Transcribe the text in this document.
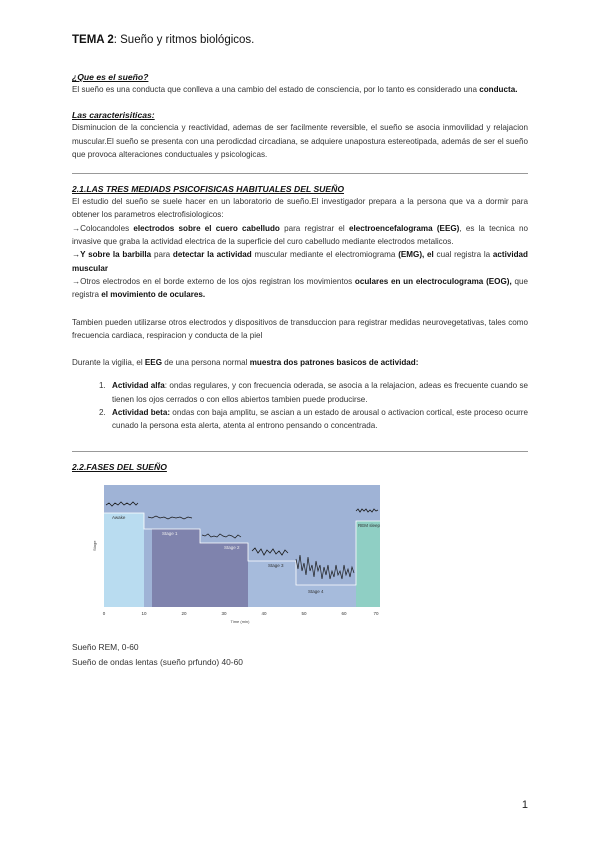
TEMA 2: Sueño y ritmos biológicos.
¿Que es el sueño?

El sueño es una conducta que conlleva a una cambio del estado de consciencia, por lo tanto es considerado una conducta.

Las caracterisiticas:

Disminucion de la conciencia y reactividad, ademas de ser facilmente reversible, el sueño se asocia inmovilidad y relajacion muscular.El sueño se presenta con una perodicdad circadiana, se adquiere unapostura estereotipada, además de ser el sueño que provoca alteraciones conductuales y psicologicas.

2.1.LAS TRES MEDIADS PSICOFISICAS HABITUALES DEL SUEÑO

El estudio del sueño se suele hacer en un laboratorio de sueño.El investigador prepara a la persona que va a dormir para obtener los parametros electrofisiologicos:

→Colocandoles electrodos sobre el cuero cabelludo para registrar el electroencefalograma (EEG), es la tecnica no invasive que graba la actividad electrica de la superficie del curo cabelludo mediante electrodos metalicos.

→Y sobre la barbilla para detectar la actividad muscular mediante el electromiograma (EMG), el cual registra la actividad muscular

→Otros electrodos en el borde externo de los ojos registran los movimientos oculares en un electroculograma (EOG), que registra el movimiento de oculares.

Tambien pueden utilizarse otros electrodos y dispositivos de transduccion para registrar medidas neurovegetativas, tales como frecuencia cardiaca, respiracion y conducta de la piel

Durante la vigilia, el EEG de una persona normal muestra dos patrones basicos de actividad:

1. Actividad alfa: ondas regulares, y con frecuencia oderada, se asocia a la relajacion, adeas es frecuente cuando se tienen los ojos cerrados o con ellos abiertos tambien puede producirse.
2. Actividad beta: ondas con baja amplitu, se ascian a un estado de arousal o activacion cortical, este proceso ocurre cunado la persona esta alerta, atenta al entrono pensando o concentrada.
2.2.FASES DEL SUEÑO
Awake
Stage 1
Stage 2
Stage 3
Stage 4
REM sleep
Stage
0	10	20	30	40	50	60	70
Time (min)
Sueño REM, 0-60
Sueño de ondas lentas (sueño prfundo) 40-60
1
